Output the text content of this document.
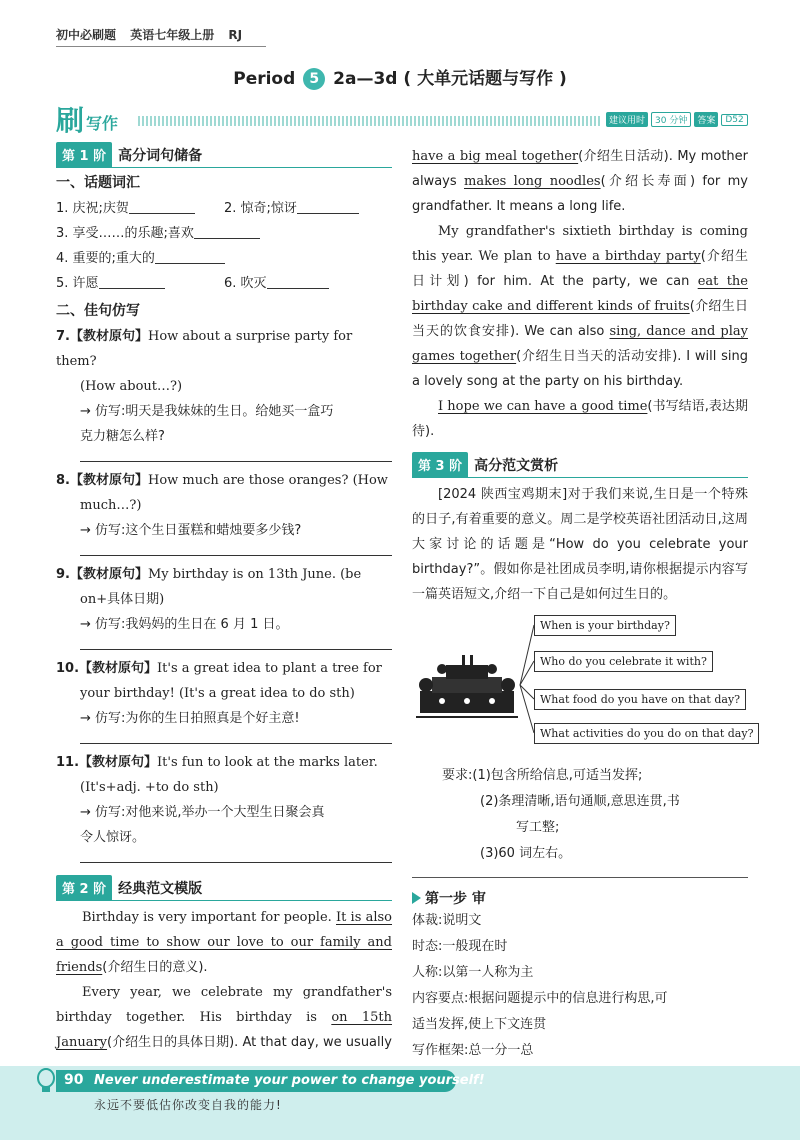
初中必刷题 英语七年级上册 RJ
Period 5 2a—3d ( 大单元话题与写作 )
刷 写作	建议用时	30 分钟	答案	D52
第 1 阶 高分词句储备
一、话题词汇
1. 庆祝;庆贺	2. 惊奇;惊讶
3. 享受……的乐趣;喜欢
4. 重要的;重大的
5. 许愿	6. 吹灭
二、佳句仿写
7.【教材原句】How about a surprise party for them?
(How about…?)
→ 仿写:明天是我妹妹的生日。给她买一盒巧
克力糖怎么样?
8.【教材原句】How much are those oranges? (How
much…?)
→ 仿写:这个生日蛋糕和蜡烛要多少钱?
9.【教材原句】My birthday is on 13th June. (be
on+具体日期)
→ 仿写:我妈妈的生日在 6 月 1 日。
10.【教材原句】It's a great idea to plant a tree for
your birthday! (It's a great idea to do sth)
→ 仿写:为你的生日拍照真是个好主意!
11.【教材原句】It's fun to look at the marks later.
(It's+adj. +to do sth)
→ 仿写:对他来说,举办一个大型生日聚会真
令人惊讶。
第 2 阶 经典范文模版
Birthday is very important for people. It is also a good time to show our love to our family and friends(介绍生日的意义).
Every year, we celebrate my grandfather's birthday together. His birthday is on 15th January(介绍生日的具体日期). At that day, we usually
have a big meal together(介绍生日活动). My mother always makes long noodles(介绍长寿面) for my grandfather. It means a long life.
My grandfather's sixtieth birthday is coming this year. We plan to have a birthday party(介绍生日计划) for him. At the party, we can eat the birthday cake and different kinds of fruits(介绍生日当天的饮食安排). We can also sing, dance and play games together(介绍生日当天的活动安排). I will sing a lovely song at the party on his birthday.
I hope we can have a good time(书写结语,表达期待).
第 3 阶 高分范文赏析
[2024 陕西宝鸡期末]对于我们来说,生日是一个特殊的日子,有着重要的意义。周二是学校英语社团活动日,这周大家讨论的话题是“How do you celebrate your birthday?”。假如你是社团成员李明,请你根据提示内容写一篇英语短文,介绍一下自己是如何过生日的。
When is your birthday?
Who do you celebrate it with?
What food do you have on that day?
What activities do you do on that day?
要求:(1)包含所给信息,可适当发挥;
(2)条理清晰,语句通顺,意思连贯,书
写工整;
(3)60 词左右。
第一步 审
体裁:说明文
时态:一般现在时
人称:以第一人称为主
内容要点:根据问题提示中的信息进行构思,可
适当发挥,使上下文连贯
写作框架:总一分一总
90 Never underestimate your power to change yourself!
永远不要低估你改变自我的能力!
